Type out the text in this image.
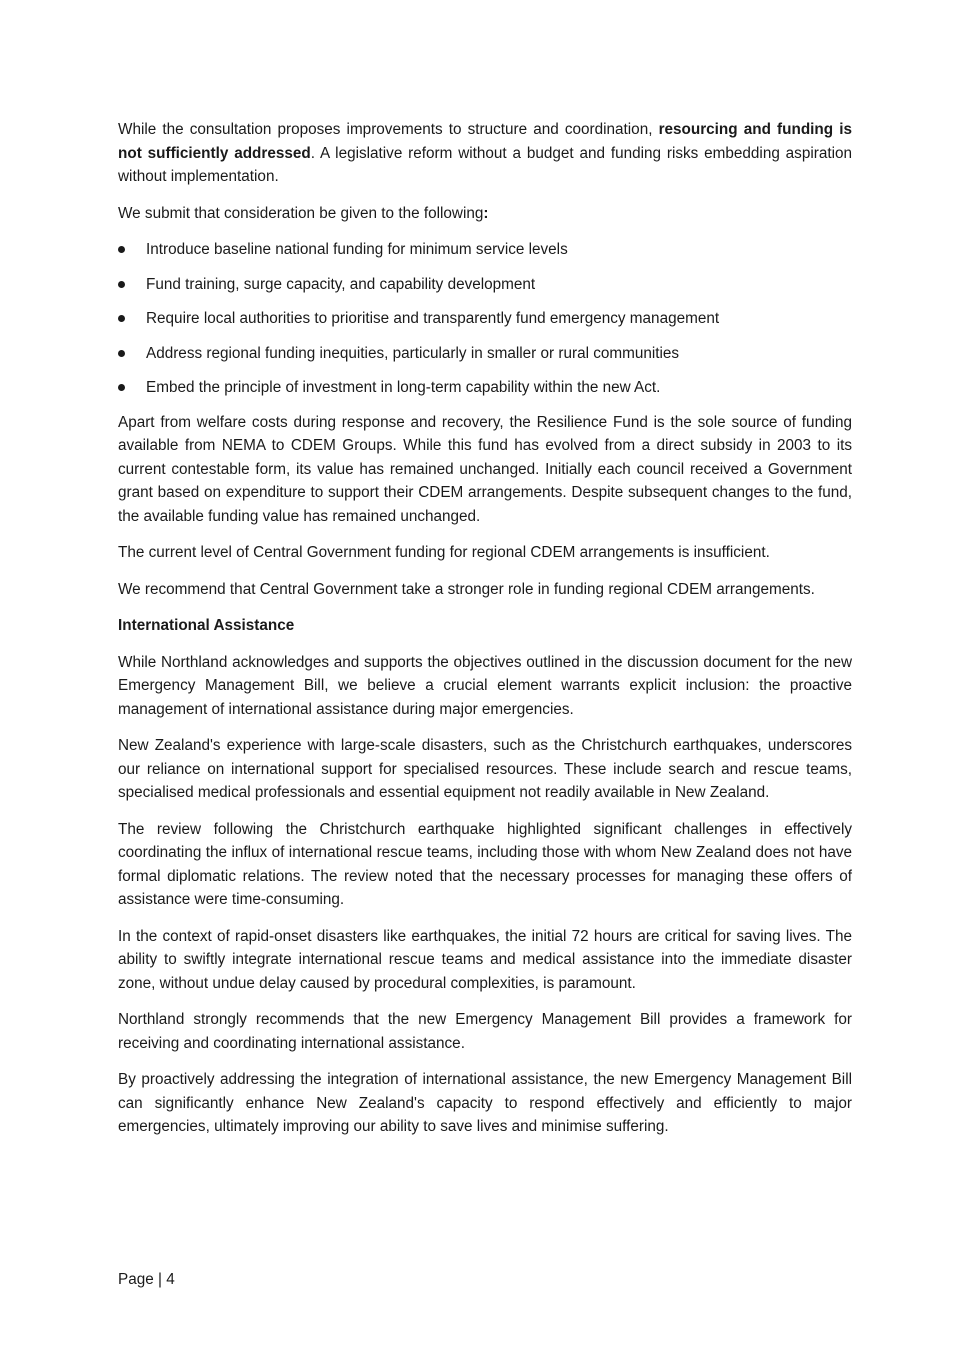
While the consultation proposes improvements to structure and coordination, resourcing and funding is not sufficiently addressed. A legislative reform without a budget and funding risks embedding aspiration without implementation.

We submit that consideration be given to the following:

Introduce baseline national funding for minimum service levels
Fund training, surge capacity, and capability development
Require local authorities to prioritise and transparently fund emergency management
Address regional funding inequities, particularly in smaller or rural communities
Embed the principle of investment in long-term capability within the new Act.

Apart from welfare costs during response and recovery, the Resilience Fund is the sole source of funding available from NEMA to CDEM Groups. While this fund has evolved from a direct subsidy in 2003 to its current contestable form, its value has remained unchanged. Initially each council received a Government grant based on expenditure to support their CDEM arrangements. Despite subsequent changes to the fund, the available funding value has remained unchanged.

The current level of Central Government funding for regional CDEM arrangements is insufficient.

We recommend that Central Government take a stronger role in funding regional CDEM arrangements.

International Assistance

While Northland acknowledges and supports the objectives outlined in the discussion document for the new Emergency Management Bill, we believe a crucial element warrants explicit inclusion: the proactive management of international assistance during major emergencies.

New Zealand's experience with large-scale disasters, such as the Christchurch earthquakes, underscores our reliance on international support for specialised resources. These include search and rescue teams, specialised medical professionals and essential equipment not readily available in New Zealand.

The review following the Christchurch earthquake highlighted significant challenges in effectively coordinating the influx of international rescue teams, including those with whom New Zealand does not have formal diplomatic relations. The review noted that the necessary processes for managing these offers of assistance were time-consuming.

In the context of rapid-onset disasters like earthquakes, the initial 72 hours are critical for saving lives. The ability to swiftly integrate international rescue teams and medical assistance into the immediate disaster zone, without undue delay caused by procedural complexities, is paramount.

Northland strongly recommends that the new Emergency Management Bill provides a framework for receiving and coordinating international assistance.

By proactively addressing the integration of international assistance, the new Emergency Management Bill can significantly enhance New Zealand's capacity to respond effectively and efficiently to major emergencies, ultimately improving our ability to save lives and minimise suffering.

Page | 4
